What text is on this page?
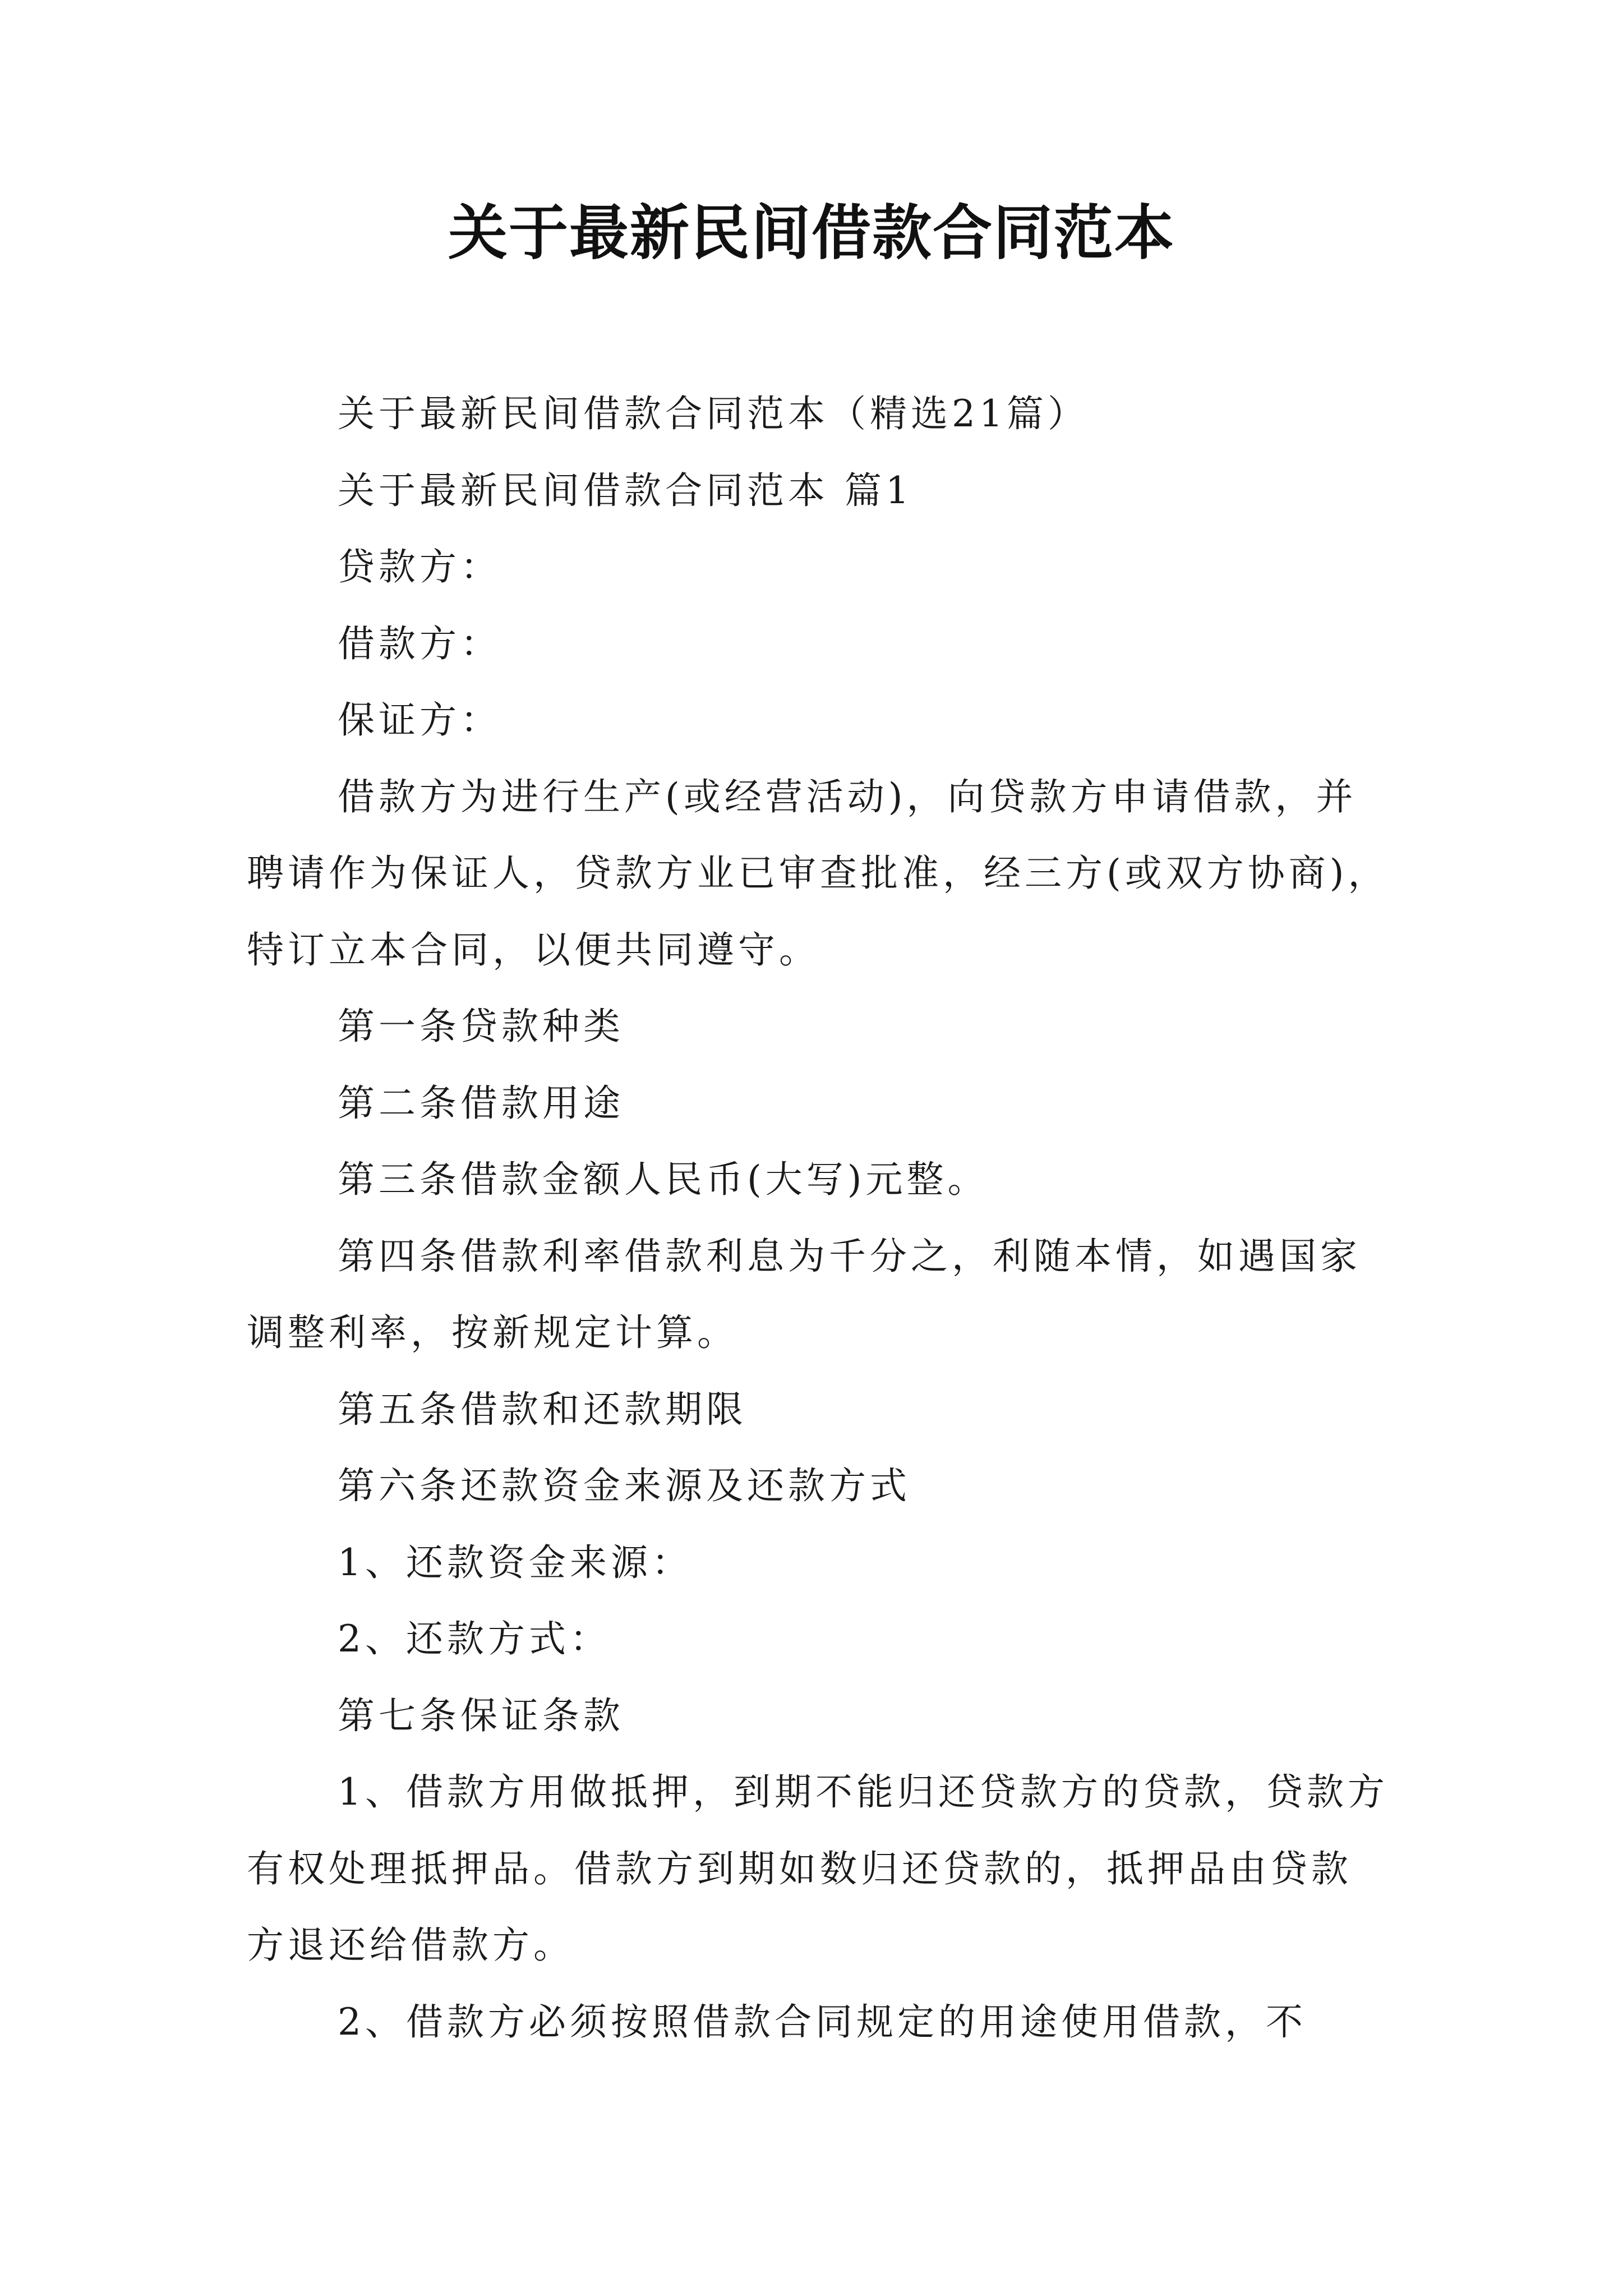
关于最新民间借款合同范本

关于最新民间借款合同范本（精选21篇）

关于最新民间借款合同范本 篇1

贷款方：

借款方：

保证方：

借款方为进行生产(或经营活动)，向贷款方申请借款，并聘请作为保证人，贷款方业已审查批准，经三方(或双方协商)，特订立本合同，以便共同遵守。

第一条贷款种类

第二条借款用途

第三条借款金额人民币(大写)元整。

第四条借款利率借款利息为千分之，利随本情，如遇国家调整利率，按新规定计算。

第五条借款和还款期限

第六条还款资金来源及还款方式

1、还款资金来源：

2、还款方式：

第七条保证条款

1、借款方用做抵押，到期不能归还贷款方的贷款，贷款方有权处理抵押品。借款方到期如数归还贷款的，抵押品由贷款方退还给借款方。

2、借款方必须按照借款合同规定的用途使用借款，不
